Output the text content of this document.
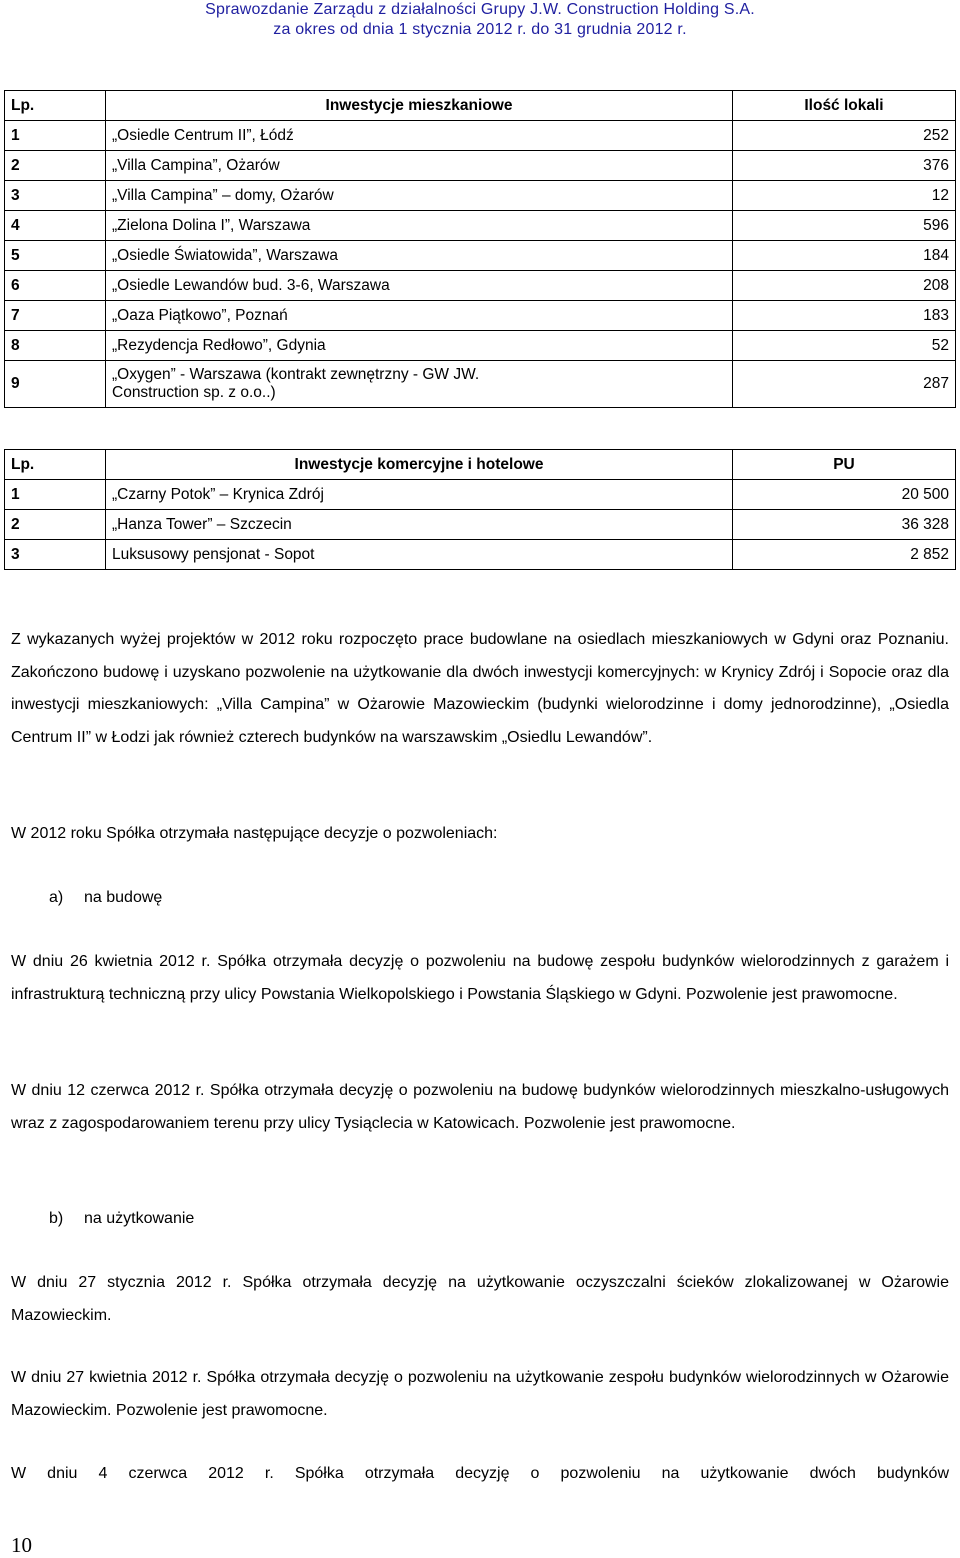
Sprawozdanie Zarządu z działalności Grupy J.W. Construction Holding S.A.
za okres od dnia 1 stycznia 2012 r. do 31 grudnia 2012 r.
Lp.	Inwestycje mieszkaniowe	Ilość lokali
1	„Osiedle Centrum II”, Łódź	252
2	„Villa Campina”, Ożarów	376
3	„Villa Campina” – domy, Ożarów	12
4	„Zielona Dolina I”, Warszawa	596
5	„Osiedle Światowida”, Warszawa	184
6	„Osiedle Lewandów bud. 3-6, Warszawa	208
7	„Oaza Piątkowo”, Poznań	183
8	„Rezydencja Redłowo”, Gdynia	52
9	„Oxygen” - Warszawa (kontrakt zewnętrzny - GW JW. Construction sp. z o.o..)	287
Lp.	Inwestycje komercyjne i hotelowe	PU
1	„Czarny Potok” – Krynica Zdrój	20 500
2	„Hanza Tower” – Szczecin	36 328
3	Luksusowy pensjonat - Sopot	2 852

Z wykazanych wyżej projektów w 2012 roku rozpoczęto prace budowlane na osiedlach mieszkaniowych w Gdyni oraz Poznaniu. Zakończono budowę i uzyskano pozwolenie na użytkowanie dla dwóch inwestycji komercyjnych: w Krynicy Zdrój i Sopocie oraz dla inwestycji mieszkaniowych: „Villa Campina” w Ożarowie Mazowieckim (budynki wielorodzinne i domy jednorodzinne), „Osiedla Centrum II” w Łodzi jak również czterech budynków na warszawskim „Osiedlu Lewandów”.

W 2012 roku Spółka otrzymała następujące decyzje o pozwoleniach:

a) na budowę

W dniu 26 kwietnia 2012 r. Spółka otrzymała decyzję o pozwoleniu na budowę zespołu budynków wielorodzinnych z garażem i infrastrukturą techniczną przy ulicy Powstania Wielkopolskiego i Powstania Śląskiego w Gdyni. Pozwolenie jest prawomocne.

W dniu 12 czerwca 2012 r. Spółka otrzymała decyzję o pozwoleniu na budowę budynków wielorodzinnych mieszkalno-usługowych wraz z zagospodarowaniem terenu przy ulicy Tysiąclecia w Katowicach. Pozwolenie jest prawomocne.

b) na użytkowanie

W dniu 27 stycznia 2012 r. Spółka otrzymała decyzję na użytkowanie oczyszczalni ścieków zlokalizowanej w Ożarowie Mazowieckim.

W dniu 27 kwietnia 2012 r. Spółka otrzymała decyzję o pozwoleniu na użytkowanie zespołu budynków wielorodzinnych w Ożarowie Mazowieckim. Pozwolenie jest prawomocne.

W dniu 4 czerwca 2012 r. Spółka otrzymała decyzję o pozwoleniu na użytkowanie dwóch budynków

10
